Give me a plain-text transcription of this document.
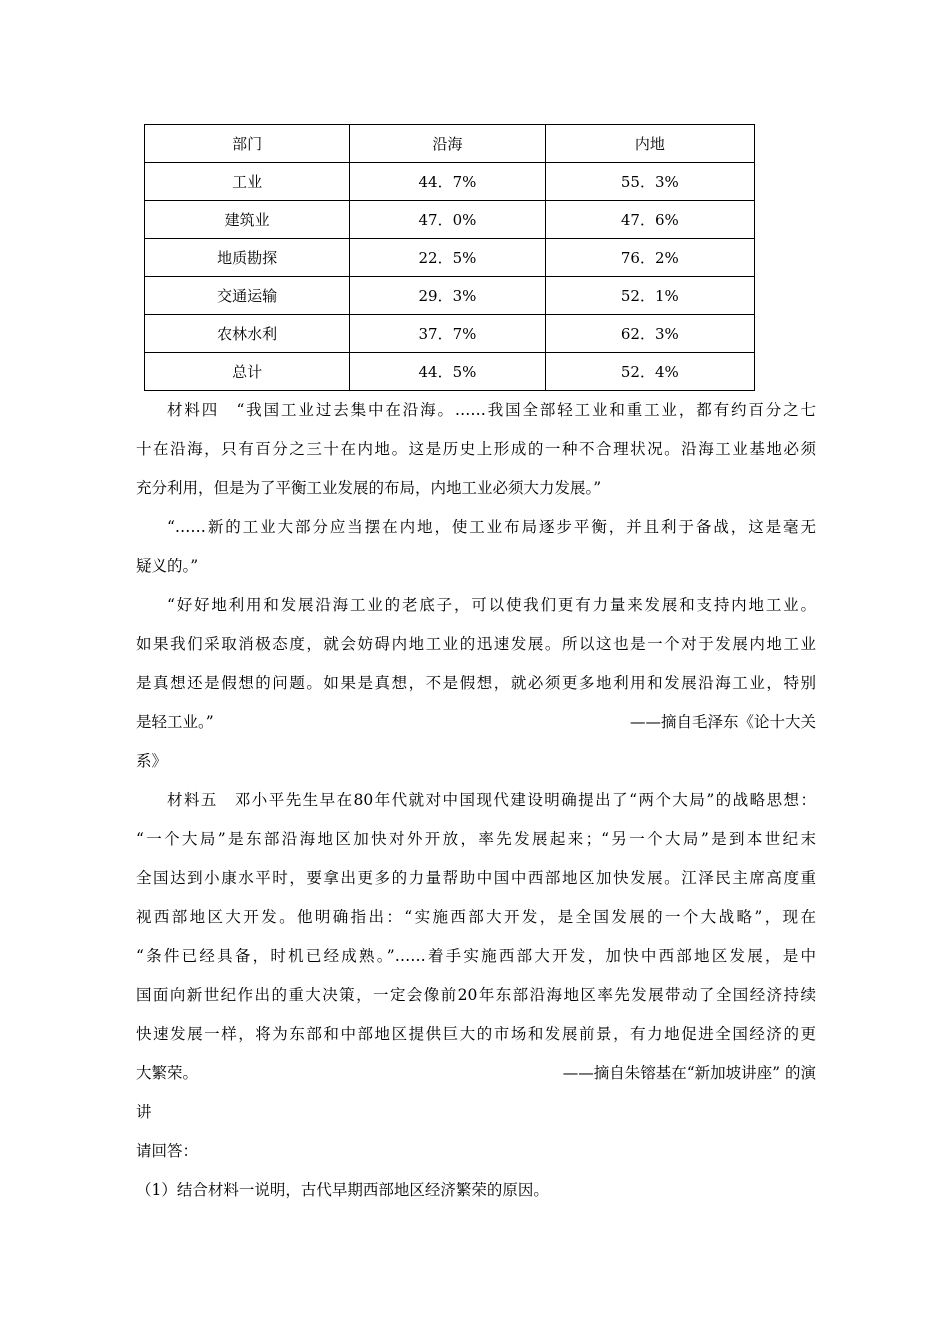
部门	沿海	内地
工业	44．7%	55．3%
建筑业	47．0%	47．6%
地质勘探	22．5%	76．2%
交通运输	29．3%	52．1%
农林水利	37．7%	62．3%
总计	44．5%	52．4%
材料四　“我国工业过去集中在沿海。……我国全部轻工业和重工业，都有约百分之七
十在沿海，只有百分之三十在内地。这是历史上形成的一种不合理状况。沿海工业基地必须
充分利用，但是为了平衡工业发展的布局，内地工业必须大力发展。”
“……新的工业大部分应当摆在内地，使工业布局逐步平衡，并且利于备战，这是毫无
疑义的。”
“好好地利用和发展沿海工业的老底子，可以使我们更有力量来发展和支持内地工业。
如果我们采取消极态度，就会妨碍内地工业的迅速发展。所以这也是一个对于发展内地工业
是真想还是假想的问题。如果是真想，不是假想，就必须更多地利用和发展沿海工业，特别
是轻工业。”	——摘自毛泽东《论十大关
系》
材料五　邓小平先生早在80年代就对中国现代建设明确提出了“两个大局”的战略思想：
“一个大局”是东部沿海地区加快对外开放，率先发展起来；“另一个大局”是到本世纪末
全国达到小康水平时，要拿出更多的力量帮助中国中西部地区加快发展。江泽民主席高度重
视西部地区大开发。他明确指出：“实施西部大开发，是全国发展的一个大战略”，现在
“条件已经具备，时机已经成熟。”……着手实施西部大开发，加快中西部地区发展，是中
国面向新世纪作出的重大决策，一定会像前20年东部沿海地区率先发展带动了全国经济持续
快速发展一样，将为东部和中部地区提供巨大的市场和发展前景，有力地促进全国经济的更
大繁荣。	——摘自朱镕基在“新加坡讲座” 的演
讲
请回答：
（1）结合材料一说明，古代早期西部地区经济繁荣的原因。
